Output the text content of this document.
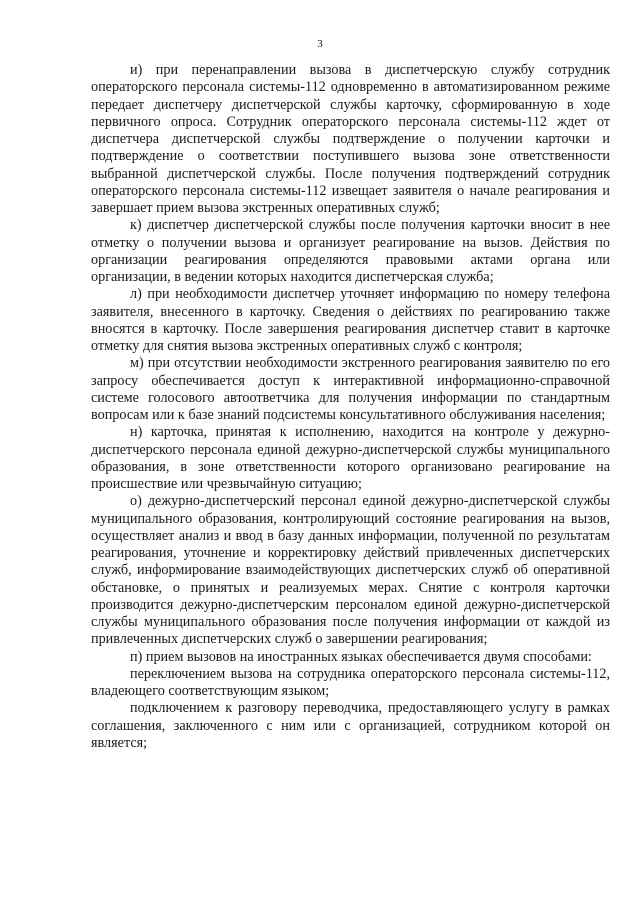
3

и) при перенаправлении вызова в диспетчерскую службу сотрудник операторского персонала системы-112 одновременно в автоматизированном режиме передает диспетчеру диспетчерской службы карточку, сформированную в ходе первичного опроса. Сотрудник операторского персонала системы-112 ждет от диспетчера диспетчерской службы подтверждение о получении карточки и подтверждение о соответствии поступившего вызова зоне ответственности выбранной диспетчерской службы. После получения подтверждений сотрудник операторского персонала системы-112 извещает заявителя о начале реагирования и завершает прием вызова экстренных оперативных служб;

к) диспетчер диспетчерской службы после получения карточки вносит в нее отметку о получении вызова и организует реагирование на вызов. Действия по организации реагирования определяются правовыми актами органа или организации, в ведении которых находится диспетчерская служба;

л) при необходимости диспетчер уточняет информацию по номеру телефона заявителя, внесенного в карточку. Сведения о действиях по реагированию также вносятся в карточку. После завершения реагирования диспетчер ставит в карточке отметку для снятия вызова экстренных оперативных служб с контроля;

м) при отсутствии необходимости экстренного реагирования заявителю по его запросу обеспечивается доступ к интерактивной информационно-справочной системе голосового автоответчика для получения информации по стандартным вопросам или к базе знаний подсистемы консультативного обслуживания населения;

н) карточка, принятая к исполнению, находится на контроле у дежурно-диспетчерского персонала единой дежурно-диспетчерской службы муниципального образования, в зоне ответственности которого организовано реагирование на происшествие или чрезвычайную ситуацию;

о) дежурно-диспетчерский персонал единой дежурно-диспетчерской службы муниципального образования, контролирующий состояние реагирования на вызов, осуществляет анализ и ввод в базу данных информации, полученной по результатам реагирования, уточнение и корректировку действий привлеченных диспетчерских служб, информирование взаимодействующих диспетчерских служб об оперативной обстановке, о принятых и реализуемых мерах. Снятие с контроля карточки производится дежурно-диспетчерским персоналом единой дежурно-диспетчерской службы муниципального образования после получения информации от каждой из привлеченных диспетчерских служб о завершении реагирования;

п) прием вызовов на иностранных языках обеспечивается двумя способами:

переключением вызова на сотрудника операторского персонала системы-112, владеющего соответствующим языком;

подключением к разговору переводчика, предоставляющего услугу в рамках соглашения, заключенного с ним или с организацией, сотрудником которой он является;
